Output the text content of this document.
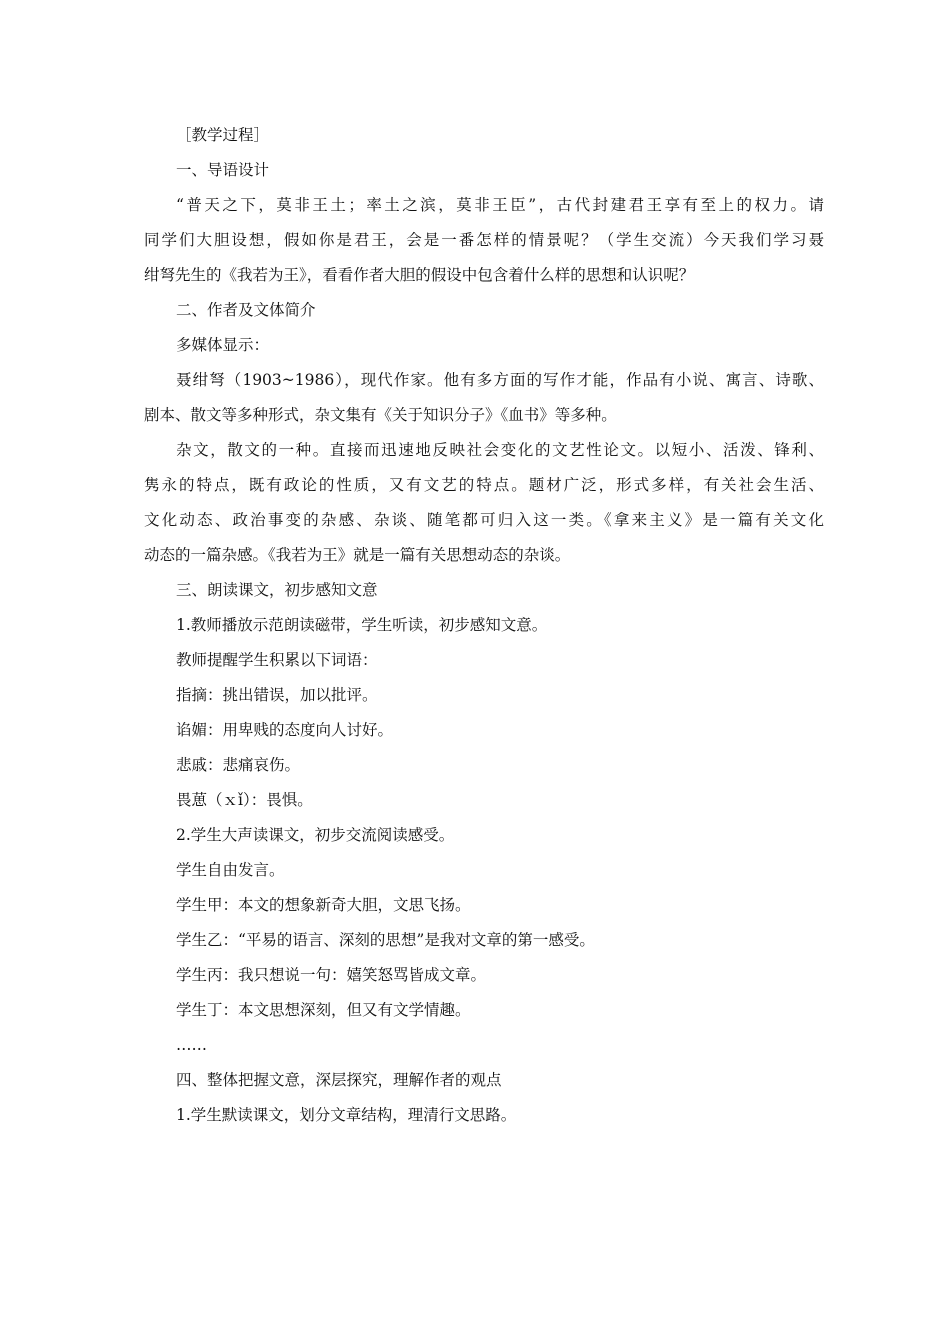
［教学过程］

一、导语设计

“普天之下，莫非王土；率土之滨，莫非王臣”，古代封建君王享有至上的权力。请

同学们大胆设想，假如你是君王，会是一番怎样的情景呢？（学生交流）今天我们学习聂

绀弩先生的《我若为王》，看看作者大胆的假设中包含着什么样的思想和认识呢？

二、作者及文体简介

多媒体显示：

聂绀弩（1903~1986），现代作家。他有多方面的写作才能，作品有小说、寓言、诗歌、

剧本、散文等多种形式，杂文集有《关于知识分子》《血书》等多种。

杂文，散文的一种。直接而迅速地反映社会变化的文艺性论文。以短小、活泼、锋利、

隽永的特点，既有政论的性质，又有文艺的特点。题材广泛，形式多样，有关社会生活、

文化动态、政治事变的杂感、杂谈、随笔都可归入这一类。《拿来主义》是一篇有关文化

动态的一篇杂感。《我若为王》就是一篇有关思想动态的杂谈。

三、朗读课文，初步感知文意

1.教师播放示范朗读磁带，学生听读，初步感知文意。

教师提醒学生积累以下词语：

指摘：挑出错误，加以批评。

谄媚：用卑贱的态度向人讨好。

悲戚：悲痛哀伤。

畏葸（ｘǐ）：畏惧。

2.学生大声读课文，初步交流阅读感受。

学生自由发言。

学生甲：本文的想象新奇大胆，文思飞扬。

学生乙：“平易的语言、深刻的思想”是我对文章的第一感受。

学生丙：我只想说一句：嬉笑怒骂皆成文章。

学生丁：本文思想深刻，但又有文学情趣。

……

四、整体把握文意，深层探究，理解作者的观点

1.学生默读课文，划分文章结构，理清行文思路。
